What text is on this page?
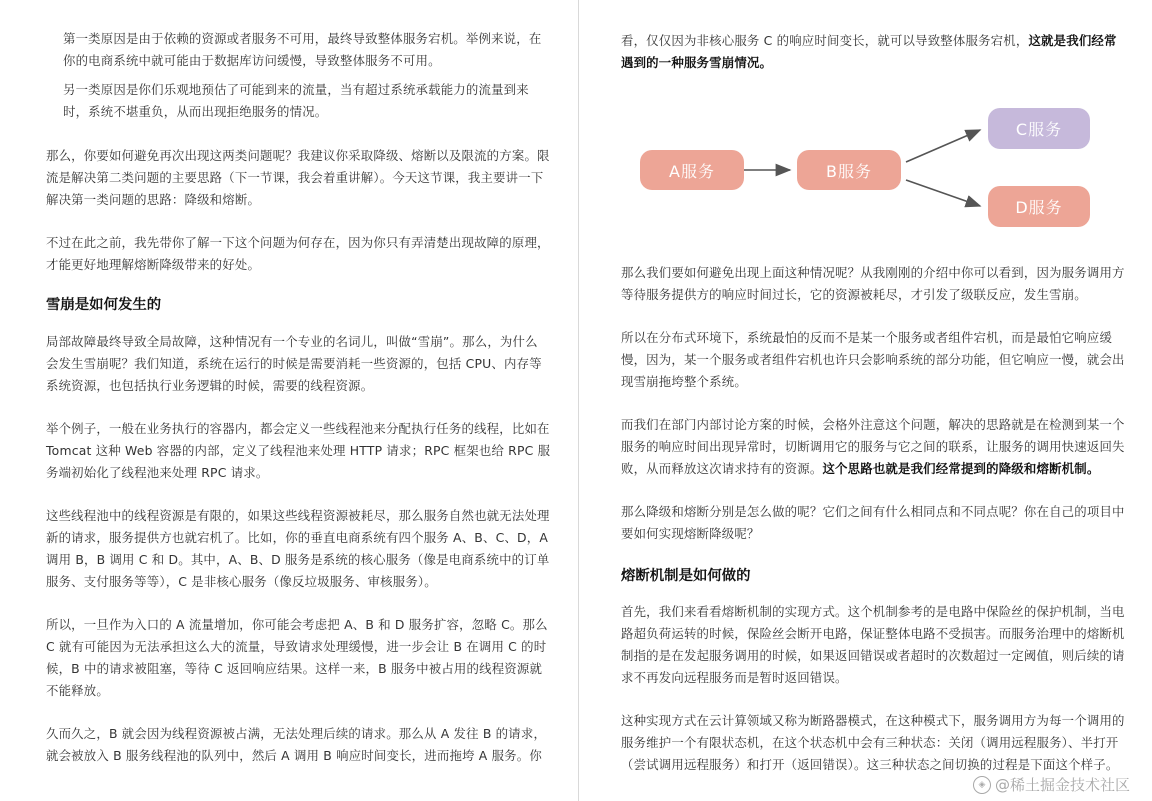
第一类原因是由于依赖的资源或者服务不可用，最终导致整体服务宕机。举例来说，在

你的电商系统中就可能由于数据库访问缓慢，导致整体服务不可用。

另一类原因是你们乐观地预估了可能到来的流量，当有超过系统承载能力的流量到来

时，系统不堪重负，从而出现拒绝服务的情况。

那么，你要如何避免再次出现这两类问题呢？我建议你采取降级、熔断以及限流的方案。限

流是解决第二类问题的主要思路（下一节课，我会着重讲解）。今天这节课，我主要讲一下

解决第一类问题的思路：降级和熔断。

不过在此之前，我先带你了解一下这个问题为何存在，因为你只有弄清楚出现故障的原理，

才能更好地理解熔断降级带来的好处。

雪崩是如何发生的

局部故障最终导致全局故障，这种情况有一个专业的名词儿，叫做“雪崩”。那么，为什么

会发生雪崩呢？我们知道，系统在运行的时候是需要消耗一些资源的，包括 CPU、内存等

系统资源，也包括执行业务逻辑的时候，需要的线程资源。

举个例子，一般在业务执行的容器内，都会定义一些线程池来分配执行任务的线程，比如在

Tomcat 这种 Web 容器的内部，定义了线程池来处理 HTTP 请求；RPC 框架也给 RPC 服

务端初始化了线程池来处理 RPC 请求。

这些线程池中的线程资源是有限的，如果这些线程资源被耗尽，那么服务自然也就无法处理

新的请求，服务提供方也就宕机了。比如，你的垂直电商系统有四个服务 A、B、C、D，A

调用 B，B 调用 C 和 D。其中，A、B、D 服务是系统的核心服务（像是电商系统中的订单

服务、支付服务等等），C 是非核心服务（像反垃圾服务、审核服务）。

所以，一旦作为入口的 A 流量增加，你可能会考虑把 A、B 和 D 服务扩容，忽略 C。那么

C 就有可能因为无法承担这么大的流量，导致请求处理缓慢，进一步会让 B 在调用 C 的时

候，B 中的请求被阻塞，等待 C 返回响应结果。这样一来，B 服务中被占用的线程资源就

不能释放。

久而久之，B 就会因为线程资源被占满，无法处理后续的请求。那么从 A 发往 B 的请求，

就会被放入 B 服务线程池的队列中，然后 A 调用 B 响应时间变长，进而拖垮 A 服务。你

看，仅仅因为非核心服务 C 的响应时间变长，就可以导致整体服务宕机，这就是我们经常

遇到的一种服务雪崩情况。

A服务	B服务
C服务
D服务

那么我们要如何避免出现上面这种情况呢？从我刚刚的介绍中你可以看到，因为服务调用方

等待服务提供方的响应时间过长，它的资源被耗尽，才引发了级联反应，发生雪崩。

所以在分布式环境下，系统最怕的反而不是某一个服务或者组件宕机，而是最怕它响应缓

慢，因为，某一个服务或者组件宕机也许只会影响系统的部分功能，但它响应一慢，就会出

现雪崩拖垮整个系统。

而我们在部门内部讨论方案的时候，会格外注意这个问题，解决的思路就是在检测到某一个

服务的响应时间出现异常时，切断调用它的服务与它之间的联系，让服务的调用快速返回失

败，从而释放这次请求持有的资源。这个思路也就是我们经常提到的降级和熔断机制。

那么降级和熔断分别是怎么做的呢？它们之间有什么相同点和不同点呢？你在自己的项目中

要如何实现熔断降级呢？

熔断机制是如何做的

首先，我们来看看熔断机制的实现方式。这个机制参考的是电路中保险丝的保护机制，当电

路超负荷运转的时候，保险丝会断开电路，保证整体电路不受损害。而服务治理中的熔断机

制指的是在发起服务调用的时候，如果返回错误或者超时的次数超过一定阈值，则后续的请

求不再发向远程服务而是暂时返回错误。

这种实现方式在云计算领域又称为断路器模式，在这种模式下，服务调用方为每一个调用的

服务维护一个有限状态机，在这个状态机中会有三种状态：关闭（调用远程服务）、半打开

（尝试调用远程服务）和打开（返回错误）。这三种状态之间切换的过程是下面这个样子。

◈ @稀土掘金技术社区
